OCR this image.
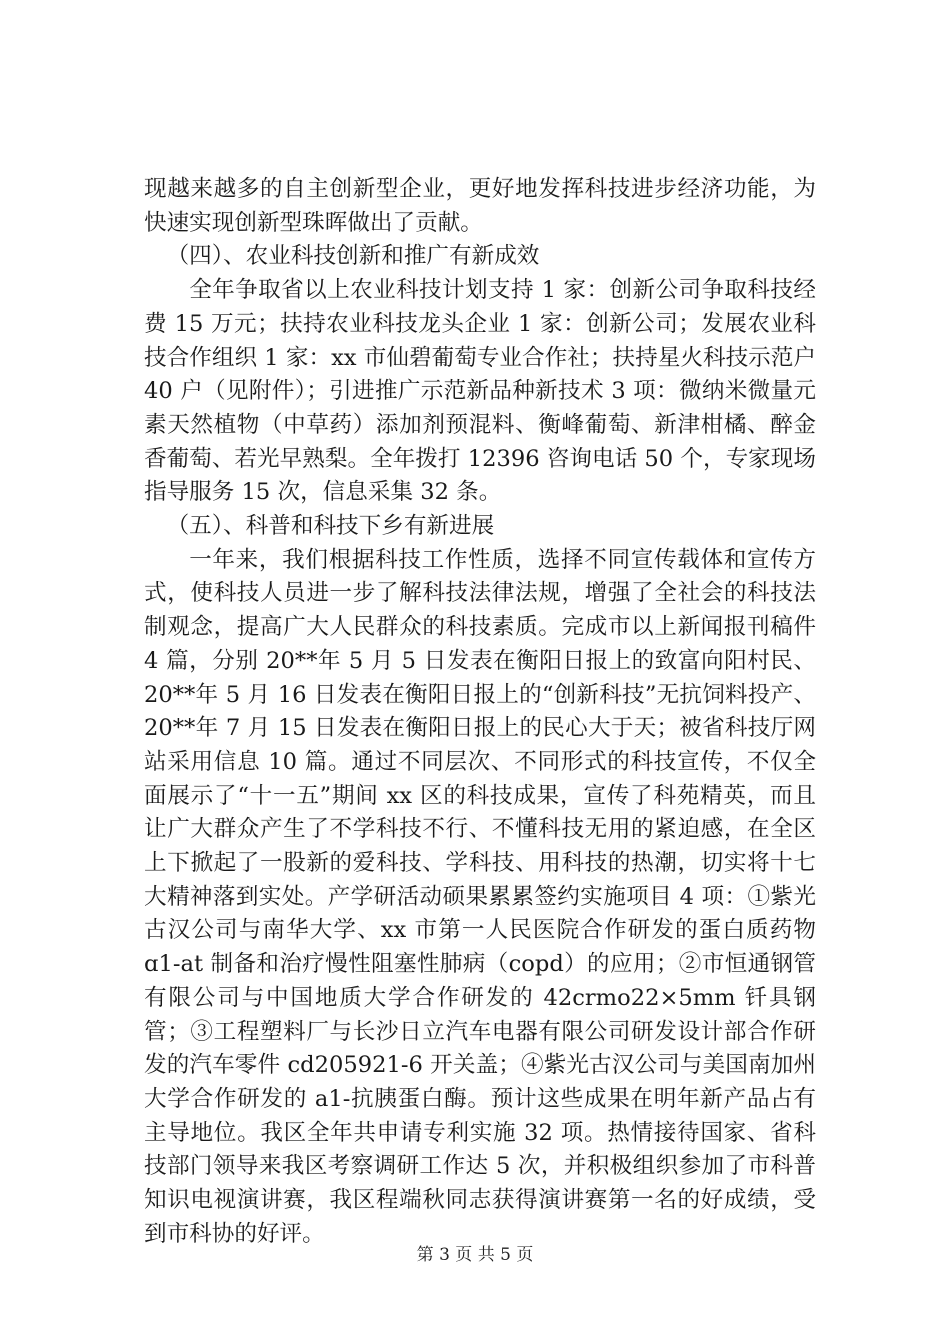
现越来越多的自主创新型企业，更好地发挥科技进步经济功能，为快速实现创新型珠晖做出了贡献。

（四）、农业科技创新和推广有新成效

全年争取省以上农业科技计划支持 1 家：创新公司争取科技经费 15 万元；扶持农业科技龙头企业 1 家：创新公司；发展农业科技合作组织 1 家：xx 市仙碧葡萄专业合作社；扶持星火科技示范户 40 户（见附件）；引进推广示范新品种新技术 3 项：微纳米微量元素天然植物（中草药）添加剂预混料、衡峰葡萄、新津柑橘、醉金香葡萄、若光早熟梨。全年拨打 12396 咨询电话 50 个，专家现场指导服务 15 次，信息采集 32 条。

（五）、科普和科技下乡有新进展

一年来，我们根据科技工作性质，选择不同宣传载体和宣传方式，使科技人员进一步了解科技法律法规，增强了全社会的科技法制观念，提高广大人民群众的科技素质。完成市以上新闻报刊稿件 4 篇，分别 20**年 5 月 5 日发表在衡阳日报上的致富向阳村民、20**年 5 月 16 日发表在衡阳日报上的“创新科技”无抗饲料投产、20**年 7 月 15 日发表在衡阳日报上的民心大于天；被省科技厅网站采用信息 10 篇。通过不同层次、不同形式的科技宣传，不仅全面展示了“十一五”期间 xx 区的科技成果，宣传了科苑精英，而且让广大群众产生了不学科技不行、不懂科技无用的紧迫感，在全区上下掀起了一股新的爱科技、学科技、用科技的热潮，切实将十七大精神落到实处。产学研活动硕果累累签约实施项目 4 项：①紫光古汉公司与南华大学、xx 市第一人民医院合作研发的蛋白质药物 ɑ1-at 制备和治疗慢性阻塞性肺病（copd）的应用；②市恒通钢管有限公司与中国地质大学合作研发的 42crmo22×5mm 钎具钢管；③工程塑料厂与长沙日立汽车电器有限公司研发设计部合作研发的汽车零件 cd205921-6 开关盖；④紫光古汉公司与美国南加州大学合作研发的 a1-抗胰蛋白酶。预计这些成果在明年新产品占有主导地位。我区全年共申请专利实施 32 项。热情接待国家、省科技部门领导来我区考察调研工作达 5 次，并积极组织参加了市科普知识电视演讲赛，我区程端秋同志获得演讲赛第一名的好成绩，受到市科协的好评。

第 3 页 共 5 页
